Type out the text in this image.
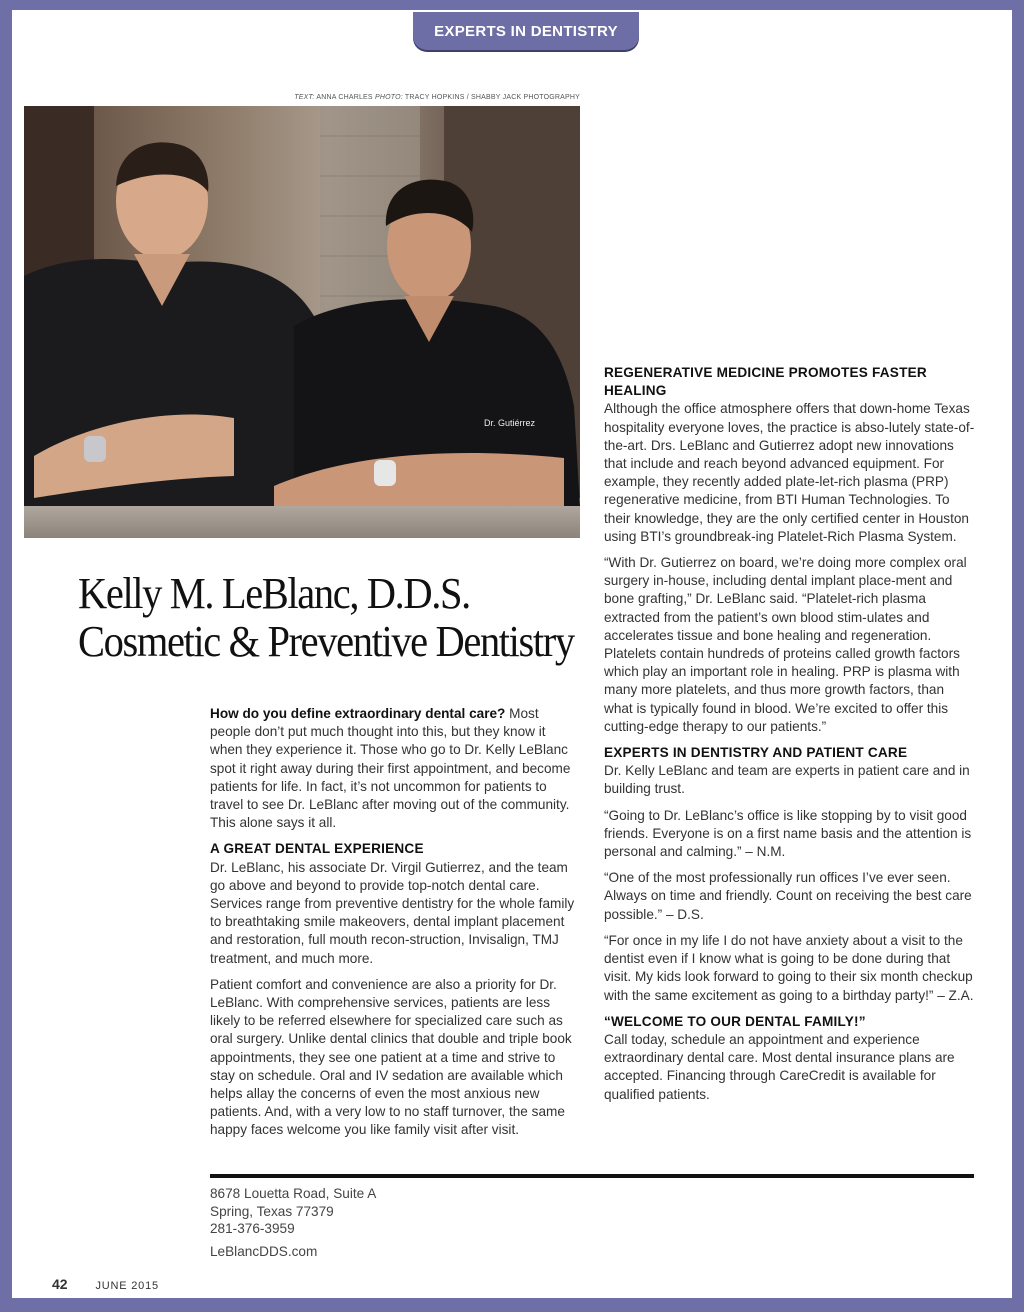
EXPERTS IN DENTISTRY
TEXT: ANNA CHARLES PHOTO: TRACY HOPKINS / SHABBY JACK PHOTOGRAPHY
Dr. Gutiérrez
Kelly M. LeBlanc, D.D.S.
Cosmetic & Preventive Dentistry

How do you define extraordinary dental care? Most people don’t put much thought into this, but they know it when they experience it. Those who go to Dr. Kelly LeBlanc spot it right away during their first appointment, and become patients for life. In fact, it’s not uncommon for patients to travel to see Dr. LeBlanc after moving out of the community. This alone says it all.

A GREAT DENTAL EXPERIENCE

Dr. LeBlanc, his associate Dr. Virgil Gutierrez, and the team go above and beyond to provide top-notch dental care. Services range from preventive dentistry for the whole family to breathtaking smile makeovers, dental implant placement and restoration, full mouth recon-struction, Invisalign, TMJ treatment, and much more.

Patient comfort and convenience are also a priority for Dr. LeBlanc. With comprehensive services, patients are less likely to be referred elsewhere for specialized care such as oral surgery. Unlike dental clinics that double and triple book appointments, they see one patient at a time and strive to stay on schedule. Oral and IV sedation are available which helps allay the concerns of even the most anxious new patients. And, with a very low to no staff turnover, the same happy faces welcome you like family visit after visit.

REGENERATIVE MEDICINE PROMOTES FASTER HEALING

Although the office atmosphere offers that down-home Texas hospitality everyone loves, the practice is abso-lutely state-of-the-art. Drs. LeBlanc and Gutierrez adopt new innovations that include and reach beyond advanced equipment. For example, they recently added plate-let-rich plasma (PRP) regenerative medicine, from BTI Human Technologies. To their knowledge, they are the only certified center in Houston using BTI’s groundbreak-ing Platelet-Rich Plasma System.

“With Dr. Gutierrez on board, we’re doing more complex oral surgery in-house, including dental implant place-ment and bone grafting,” Dr. LeBlanc said. “Platelet-rich plasma extracted from the patient’s own blood stim-ulates and accelerates tissue and bone healing and regeneration. Platelets contain hundreds of proteins called growth factors which play an important role in healing. PRP is plasma with many more platelets, and thus more growth factors, than what is typically found in blood. We’re excited to offer this cutting-edge therapy to our patients.”

EXPERTS IN DENTISTRY AND PATIENT CARE

Dr. Kelly LeBlanc and team are experts in patient care and in building trust.

“Going to Dr. LeBlanc’s office is like stopping by to visit good friends. Everyone is on a first name basis and the attention is personal and calming.” – N.M.

“One of the most professionally run offices I’ve ever seen. Always on time and friendly. Count on receiving the best care possible.” – D.S.

“For once in my life I do not have anxiety about a visit to the dentist even if I know what is going to be done during that visit. My kids look forward to going to their six month checkup with the same excitement as going to a birthday party!” – Z.A.

“WELCOME TO OUR DENTAL FAMILY!”

Call today, schedule an appointment and experience extraordinary dental care. Most dental insurance plans are accepted. Financing through CareCredit is available for qualified patients.

8678 Louetta Road, Suite A
Spring, Texas 77379
281-376-3959
LeBlancDDS.com
42	JUNE 2015
